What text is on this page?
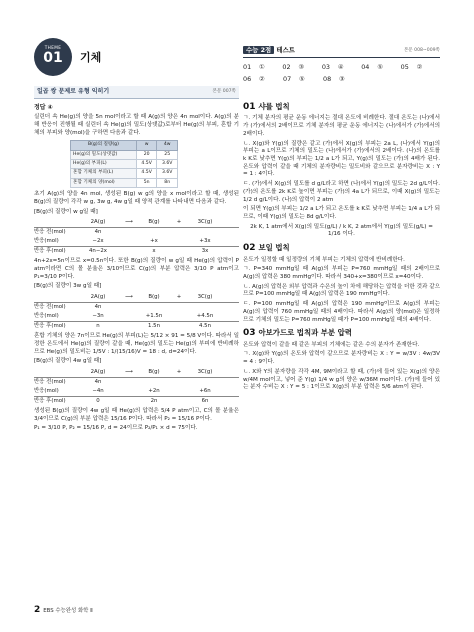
THEME
01	기체
일곱 쌍 문제로 유형 익히기	본문 007쪽
정답 ④

실린더 속 He(g)의 양을 5n mol이라고 할 때 A(g)의 양은 4n mol이다. A(g)의 분해 반응이 진행될 때 실린더 속 He(g)의 밀도(상댓값)로부터 He(g)의 부피, 혼합 기체의 부피와 양(mol)을 구하면 다음과 같다.

B(g)의 질량(g)	w	4w
He(g)의 밀도(상댓값)	20	25
He(g)의 부피(L)	4.5V	3.6V
혼합 기체의 부피(L)	4.5V	3.6V
혼합 기체의 양(mol)	5n	8n

초기 A(g)의 양을 4n mol, 생성된 B(g) w g의 양을 x mol이라고 할 때, 생성된 B(g)의 질량이 각각 w g, 3w g, 4w g일 때 양적 관계를 나타내면 다음과 같다.

[B(g)의 질량이 w g일 때]
2A(g)	⟶	B(g)	+	3C(g)
반응 전(mol)	4n
반응(mol)	−2x	+x	+3x
반응 후(mol)	4n−2x	x	3x

4n+2x=5n이므로 x=0.5n이다. 또한 B(g)의 질량이 w g일 때 He(g)의 압력이 P atm이라면 C의 몰 분율은 3/10이므로 C(g)의 부분 압력은 3/10 P atm이고 P₁=3/10 P이다.

[B(g)의 질량이 3w g일 때]
2A(g)	⟶	B(g)	+	3C(g)
반응 전(mol)	4n
반응(mol)	−3n	+1.5n	+4.5n
반응 후(mol)	n	1.5n	4.5n

혼합 기체의 양은 7n이므로 He(g)의 부피(L)는 5/12 × 91 = 5/8 V이다. 따라서 일정한 온도에서 He(g)의 질량이 같을 때, He(g)의 밀도는 He(g)의 부피에 반비례하므로 He(g)의 밀도비는 1/5V : 1/(15/16)V = 18 : d, d=24이다.

[B(g)의 질량이 4w g일 때]
2A(g)	⟶	B(g)	+	3C(g)
반응 전(mol)	4n
반응(mol)	−4n	+2n	+6n
반응 후(mol)	0	2n	6n

생성된 B(g)의 질량이 4w g일 때 He(g)의 압력은 5/4 P atm이고, C의 몰 분율은 3/4이므로 C(g)의 부분 압력은 15/16 P이다. 따라서 P₂ = 15/16 P이다.

P₁ = 3/10 P, P₂ = 15/16 P, d = 24이므로 P₂/P₁ × d = 75이다.

수능 2점 테스트	본문 008~009쪽
01 ①	02 ③	03 ④	04 ⑤	05 ②
06 ②	07 ⑤	08 ③
01 샤를 법칙

ㄱ. 기체 분자의 평균 운동 에너지는 절대 온도에 비례한다. 절대 온도는 (나)에서가 (가)에서의 2배이므로 기체 분자의 평균 운동 에너지는 (나)에서가 (가)에서의 2배이다.

ㄴ. X(g)와 Y(g)의 질량은 같고 (가)에서 X(g)의 부피는 2a L, (나)에서 Y(g)의 부피는 a L이므로 기체의 밀도는 (나)에서가 (가)에서의 2배이다. (나)의 온도를 k K로 낮추면 Y(g)의 부피는 1/2 a L가 되고, Y(g)의 밀도는 (가)의 4배가 된다. 온도와 압력이 같을 때 기체의 분자량비는 밀도비와 같으므로 분자량비는 X : Y = 1 : 4이다.

ㄷ. (가)에서 X(g)의 밀도를 d g/L라고 하면 (나)에서 Y(g)의 밀도는 2d g/L이다. (가)의 온도를 2k K로 높이면 부피는 (가)의 4a L가 되므로, 이때 X(g)의 밀도는 1/2 d g/L이다. (나)의 압력이 2 atm

이 되면 Y(g)의 부피는 1/2 a L가 되고 온도를 k K로 낮추면 부피는 1/4 a L가 되므로, 이때 Y(g)의 밀도는 8d g/L이다.

2k K, 1 atm에서 X(g)의 밀도(g/L) / k K, 2 atm에서 Y(g)의 밀도(g/L) = 1/16 이다.

02 보일 법칙

온도가 일정할 때 일정량의 기체 부피는 기체의 압력에 반비례한다.

ㄱ. P=340 mmHg일 때 A(g)의 부피는 P=760 mmHg일 때의 2배이므로 A(g)의 압력은 380 mmHg이다. 따라서 340+x=380이므로 x=40이다.

ㄴ. A(g)의 압력은 외부 압력과 수은의 높이 차에 해당하는 압력을 더한 것과 같으므로 P=100 mmHg일 때 A(g)의 압력은 190 mmHg이다.

ㄷ. P=100 mmHg일 때 A(g)의 압력은 190 mmHg이므로 A(g)의 부피는 A(g)의 압력이 760 mmHg일 때의 4배이다. 따라서 A(g)의 양(mol)은 일정하므로 기체의 밀도는 P=760 mmHg일 때가 P=100 mmHg일 때의 4배이다.

03 아보가드로 법칙과 부분 압력

온도와 압력이 같을 때 같은 부피의 기체에는 같은 수의 분자가 존재한다.

ㄱ. X(g)와 Y(g)의 온도와 압력이 같으므로 분자량비는 X : Y = w/3V : 4w/3V = 4 : 9이다.

ㄴ. X와 Y의 분자량을 각각 4M, 9M이라고 할 때, (가)에 들어 있는 X(g)의 양은 w/4M mol이고, 넣어 준 Y(g) 1/4 w g의 양은 w/36M mol이다. (가)에 들어 있는 분자 수비는 X : Y = 5 : 1이므로 X(g)의 부분 압력은 5/6 atm이 된다.

2 EBS 수능완성 화학 Ⅱ
